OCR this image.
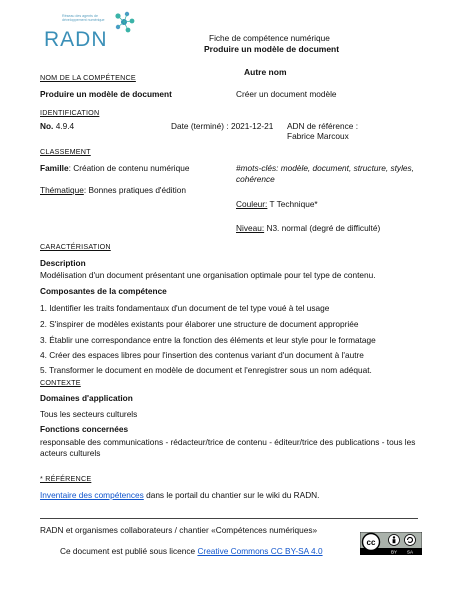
Réseau des agents de développement numérique
RADN	Fiche de compétence numérique
Produire un modèle de document
Autre nom
NOM DE LA COMPÉTENCE
Produire un modèle de document	Créer un document modèle
IDENTIFICATION
No. 4.9.4	Date (terminé) : 2021-12-21 ADN de référence :
Fabrice Marcoux
CLASSEMENT
Famille: Création de contenu numérique	#mots-clés: modèle, document, structure, styles, cohérence
Thématique: Bonnes pratiques d'édition
Couleur: T Technique*
Niveau: N3. normal (degré de difficulté)
CARACTÉRISATION
Description
Modélisation d'un document présentant une organisation optimale pour tel type de contenu.
Composantes de la compétence
1. Identifier les traits fondamentaux d'un document de tel type voué à tel usage
2. S'inspirer de modèles existants pour élaborer une structure de document appropriée
3. Établir une correspondance entre la fonction des éléments et leur style pour le formatage
4. Créer des espaces libres pour l'insertion des contenus variant d'un document à l'autre
5. Transformer le document en modèle de document et l'enregistrer sous un nom adéquat.
CONTEXTE
Domaines d'application
Tous les secteurs culturels
Fonctions concernées
responsable des communications - rédacteur/trice de contenu - éditeur/trice des publications - tous les acteurs culturels
* RÉFÉRENCE
Inventaire des compétences dans le portail du chantier sur le wiki du RADN.
RADN et organismes collaborateurs / chantier «Compétences numériques»
Ce document est publié sous licence Creative Commons CC BY-SA 4.0
cc
BY SA
